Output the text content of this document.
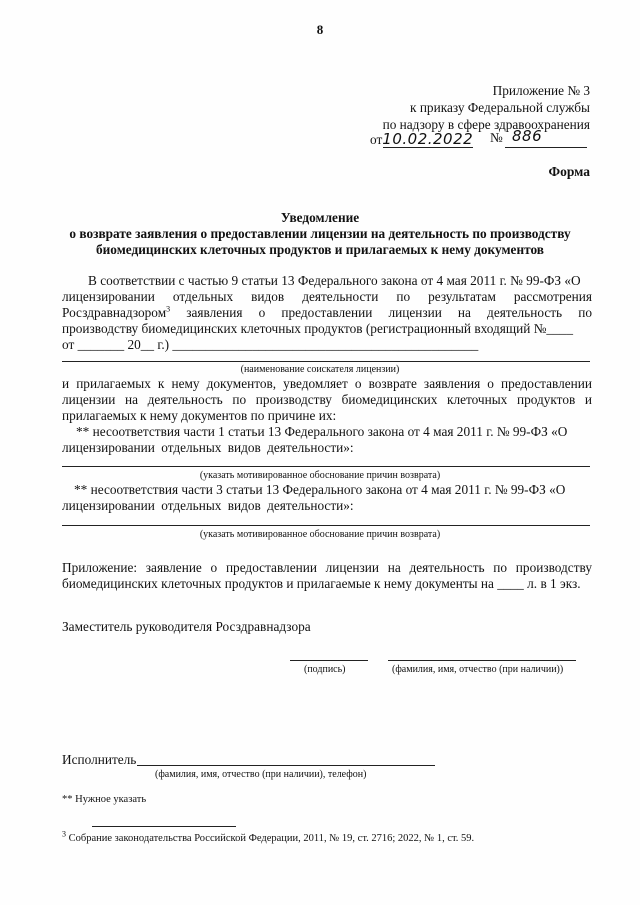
8
Приложение № 3
к приказу Федеральной службы
по надзору в сфере здравоохранения
от10.02.2022 № 886
Форма
Уведомление
о возврате заявления о предоставлении лицензии на деятельность по производству
биомедицинских клеточных продуктов и прилагаемых к нему документов
В соответствии с частью 9 статьи 13 Федерального закона от 4 мая 2011 г. № 99-ФЗ «О
лицензировании отдельных видов деятельности по результатам рассмотрения
Росздравнадзором$^3$ заявления о предоставлении лицензии на деятельность по
производству биомедицинских клеточных продуктов (регистрационный входящий №____
от _______ 20__ г.) ______________________________________________
(наименование соискателя лицензии)
и прилагаемых к нему документов, уведомляет о возврате заявления о предоставлении
лицензии на деятельность по производству биомедицинских клеточных продуктов и
прилагаемых к нему документов по причине их:
** несоответствия части 1 статьи 13 Федерального закона от 4 мая 2011 г. № 99-ФЗ «О
лицензировании отдельных видов деятельности»:
(указать мотивированное обоснование причин возврата)
** несоответствия части 3 статьи 13 Федерального закона от 4 мая 2011 г. № 99-ФЗ «О
лицензировании отдельных видов деятельности»:
(указать мотивированное обоснование причин возврата)
Приложение: заявление о предоставлении лицензии на деятельность по производству
биомедицинских клеточных продуктов и прилагаемые к нему документы на ____ л. в 1 экз.
Заместитель руководителя Росздравнадзора
(подпись)	(фамилия, имя, отчество (при наличии))
Исполнитель
(фамилия, имя, отчество (при наличии), телефон)
** Нужное указать
$^3$ Собрание законодательства Российской Федерации, 2011, № 19, ст. 2716; 2022, № 1, ст. 59.
